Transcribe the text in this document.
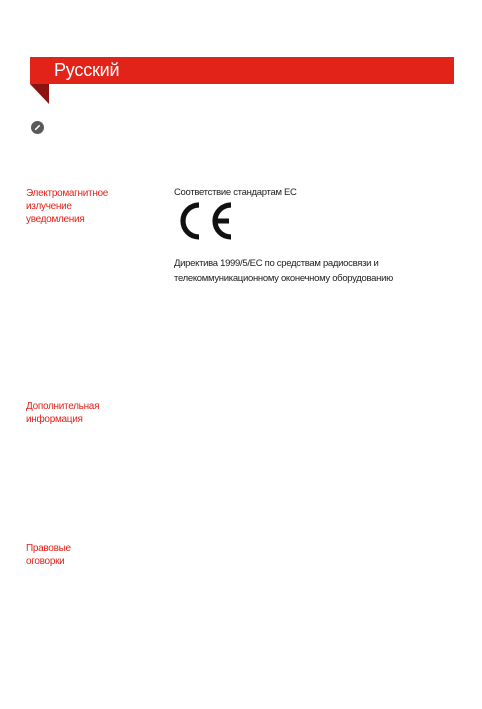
Русский
Электромагнитное
излучение
уведомления
Соответствие стандартам ЕС
Директива 1999/5/ЕС по средствам радиосвязи и
телекоммуникационному оконечному оборудованию
Дополнительная
информация
Правовые
оговорки
